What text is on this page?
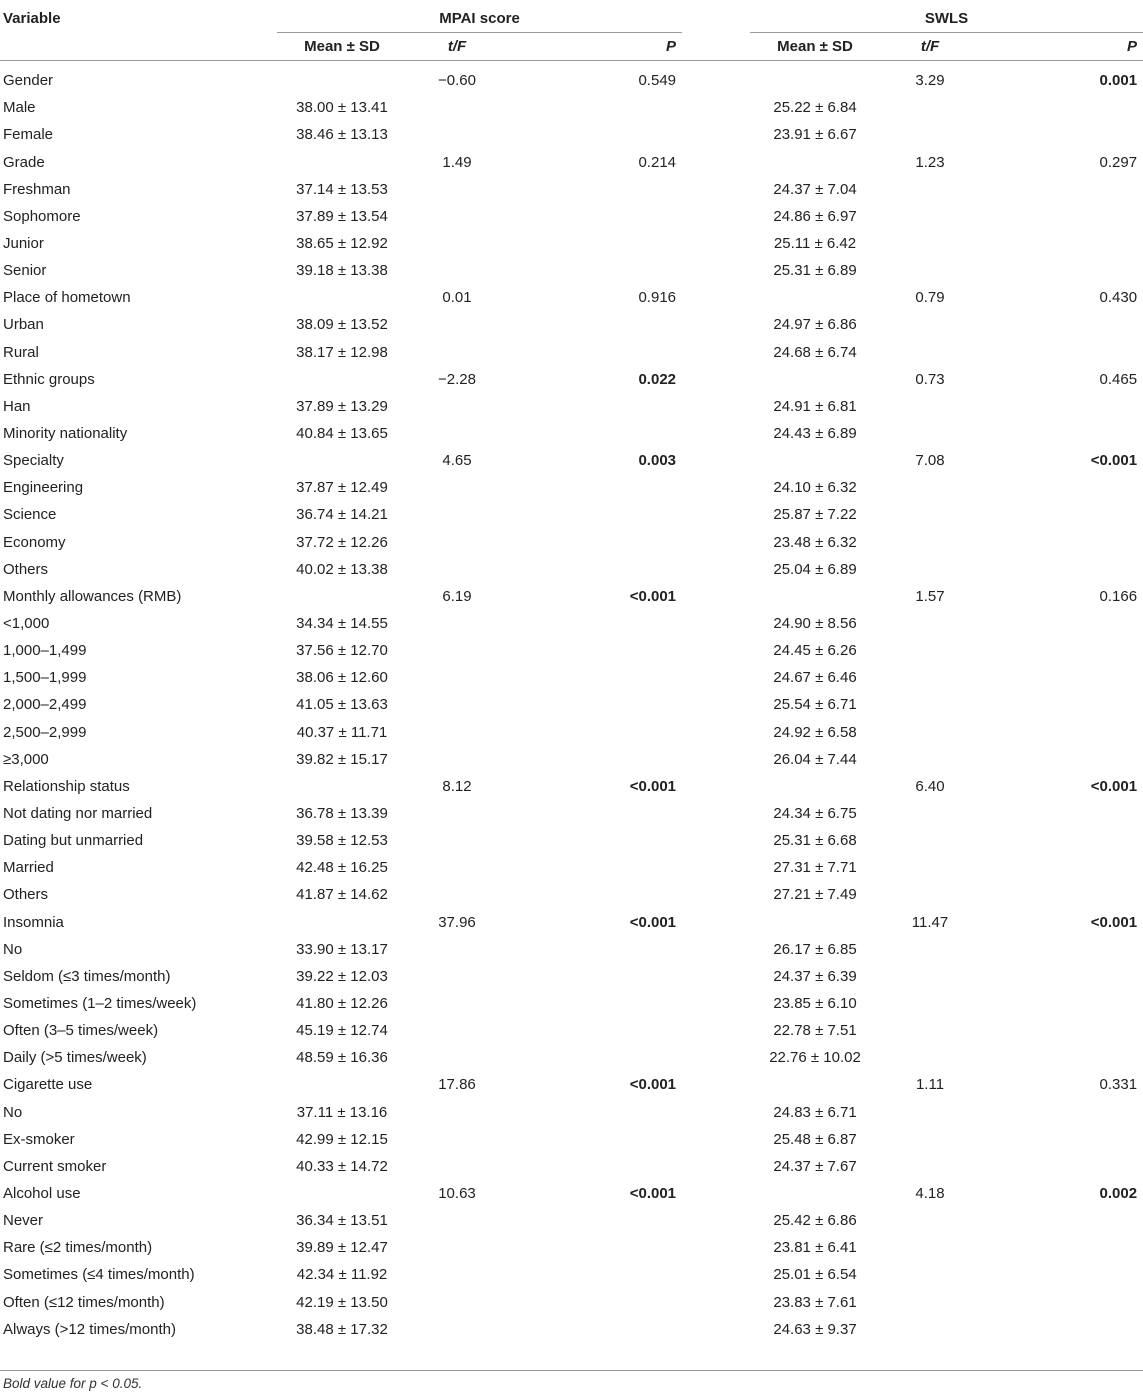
Variable	MPAI score				SWLS		
	Mean ± SD	t/F	P		Mean ± SD	t/F	P
Gender		−0.60	0.549			3.29	0.001
Male	38.00 ± 13.41				25.22 ± 6.84		
Female	38.46 ± 13.13				23.91 ± 6.67		
Grade		1.49	0.214			1.23	0.297
Freshman	37.14 ± 13.53				24.37 ± 7.04		
Sophomore	37.89 ± 13.54				24.86 ± 6.97		
Junior	38.65 ± 12.92				25.11 ± 6.42		
Senior	39.18 ± 13.38				25.31 ± 6.89		
Place of hometown		0.01	0.916			0.79	0.430
Urban	38.09 ± 13.52				24.97 ± 6.86		
Rural	38.17 ± 12.98				24.68 ± 6.74		
Ethnic groups		−2.28	0.022			0.73	0.465
Han	37.89 ± 13.29				24.91 ± 6.81		
Minority nationality	40.84 ± 13.65				24.43 ± 6.89		
Specialty		4.65	0.003			7.08	<0.001
Engineering	37.87 ± 12.49				24.10 ± 6.32		
Science	36.74 ± 14.21				25.87 ± 7.22		
Economy	37.72 ± 12.26				23.48 ± 6.32		
Others	40.02 ± 13.38				25.04 ± 6.89		
Monthly allowances (RMB)		6.19	<0.001			1.57	0.166
<1,000	34.34 ± 14.55				24.90 ± 8.56		
1,000–1,499	37.56 ± 12.70				24.45 ± 6.26		
1,500–1,999	38.06 ± 12.60				24.67 ± 6.46		
2,000–2,499	41.05 ± 13.63				25.54 ± 6.71		
2,500–2,999	40.37 ± 11.71				24.92 ± 6.58		
≥3,000	39.82 ± 15.17				26.04 ± 7.44		
Relationship status		8.12	<0.001			6.40	<0.001
Not dating nor married	36.78 ± 13.39				24.34 ± 6.75		
Dating but unmarried	39.58 ± 12.53				25.31 ± 6.68		
Married	42.48 ± 16.25				27.31 ± 7.71		
Others	41.87 ± 14.62				27.21 ± 7.49		
Insomnia		37.96	<0.001			11.47	<0.001
No	33.90 ± 13.17				26.17 ± 6.85		
Seldom (≤3 times/month)	39.22 ± 12.03				24.37 ± 6.39		
Sometimes (1–2 times/week)	41.80 ± 12.26				23.85 ± 6.10		
Often (3–5 times/week)	45.19 ± 12.74				22.78 ± 7.51		
Daily (>5 times/week)	48.59 ± 16.36				22.76 ± 10.02		
Cigarette use		17.86	<0.001			1.11	0.331
No	37.11 ± 13.16				24.83 ± 6.71		
Ex-smoker	42.99 ± 12.15				25.48 ± 6.87		
Current smoker	40.33 ± 14.72				24.37 ± 7.67		
Alcohol use		10.63	<0.001			4.18	0.002
Never	36.34 ± 13.51				25.42 ± 6.86		
Rare (≤2 times/month)	39.89 ± 12.47				23.81 ± 6.41		
Sometimes (≤4 times/month)	42.34 ± 11.92				25.01 ± 6.54		
Often (≤12 times/month)	42.19 ± 13.50				23.83 ± 7.61		
Always (>12 times/month)	38.48 ± 17.32				24.63 ± 9.37		
Bold value for p < 0.05.
